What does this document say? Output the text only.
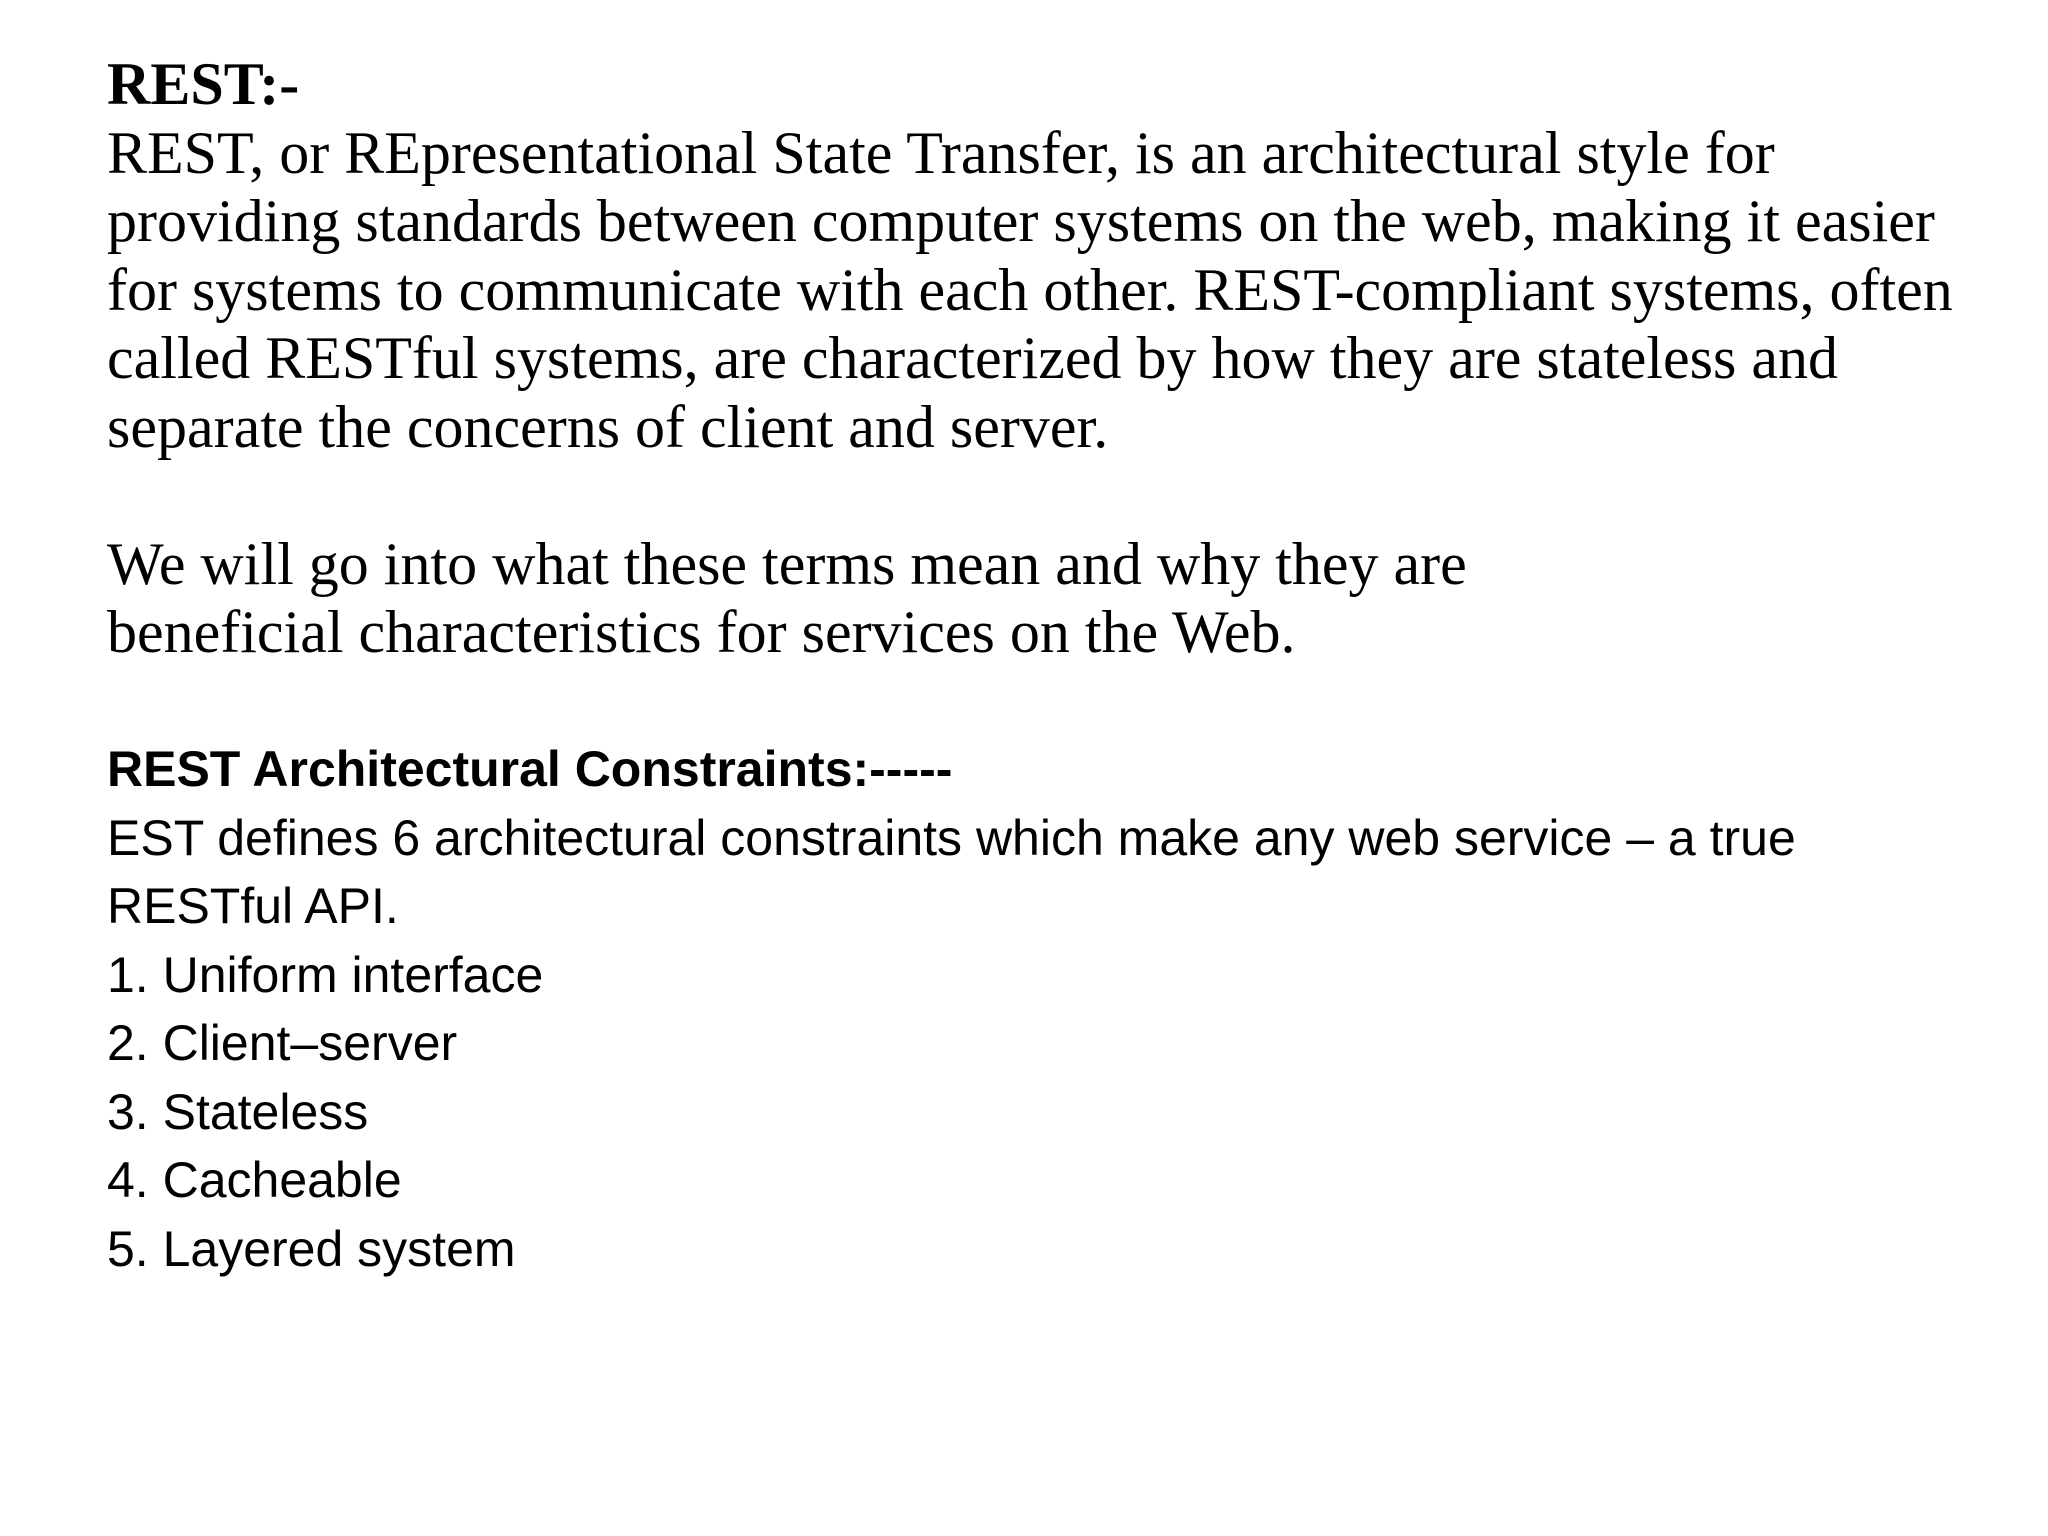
REST:-

REST, or REpresentational State Transfer, is an architectural style for providing standards between computer systems on the web, making it easier for systems to communicate with each other. REST-compliant systems, often called RESTful systems, are characterized by how they are stateless and separate the concerns of client and server.

We will go into what these terms mean and why they are beneficial characteristics for services on the Web.

REST Architectural Constraints:-----

EST defines 6 architectural constraints which make any web service – a true RESTful API.

1. Uniform interface
2. Client–server
3. Stateless
4. Cacheable
5. Layered system
